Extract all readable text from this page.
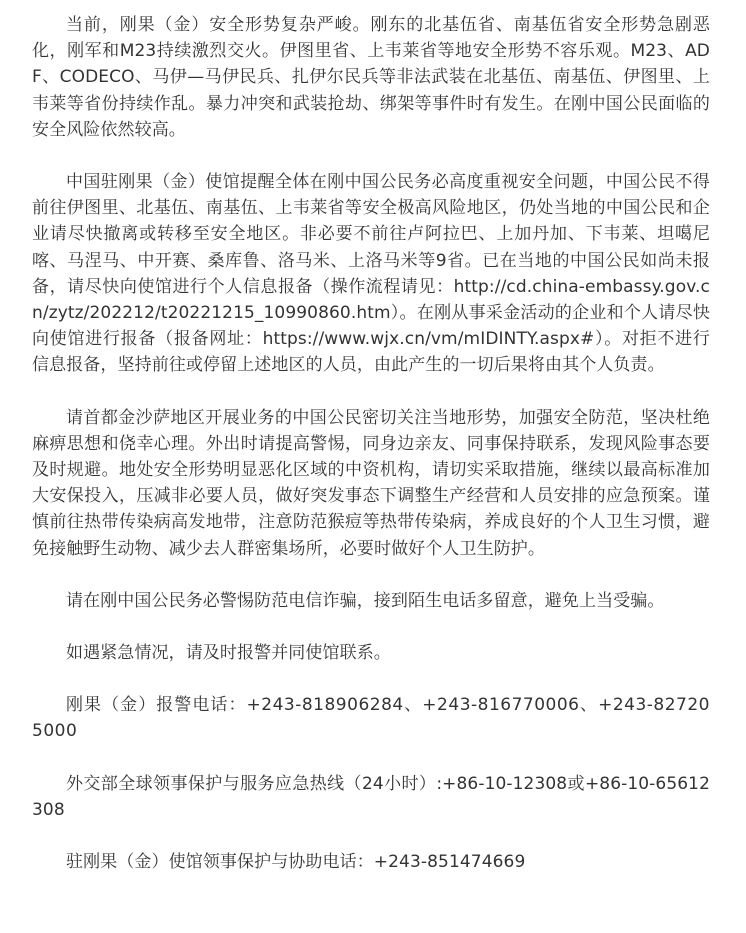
当前，刚果（金）安全形势复杂严峻。刚东的北基伍省、南基伍省安全形势急剧恶化，刚军和M23持续激烈交火。伊图里省、上韦莱省等地安全形势不容乐观。M23、ADF、CODECO、马伊—马伊民兵、扎伊尔民兵等非法武装在北基伍、南基伍、伊图里、上韦莱等省份持续作乱。暴力冲突和武装抢劫、绑架等事件时有发生。在刚中国公民面临的安全风险依然较高。

中国驻刚果（金）使馆提醒全体在刚中国公民务必高度重视安全问题，中国公民不得前往伊图里、北基伍、南基伍、上韦莱省等安全极高风险地区，仍处当地的中国公民和企业请尽快撤离或转移至安全地区。非必要不前往卢阿拉巴、上加丹加、下韦莱、坦噶尼喀、马涅马、中开赛、桑库鲁、洛马米、上洛马米等9省。已在当地的中国公民如尚未报备，请尽快向使馆进行个人信息报备（操作流程请见：http://cd.china-embassy.gov.cn/zytz/202212/t20221215_10990860.htm）。在刚从事采金活动的企业和个人请尽快向使馆进行报备（报备网址：https://www.wjx.cn/vm/mIDINTY.aspx#）。对拒不进行信息报备，坚持前往或停留上述地区的人员，由此产生的一切后果将由其个人负责。

请首都金沙萨地区开展业务的中国公民密切关注当地形势，加强安全防范，坚决杜绝麻痹思想和侥幸心理。外出时请提高警惕，同身边亲友、同事保持联系，发现风险事态要及时规避。地处安全形势明显恶化区域的中资机构，请切实采取措施，继续以最高标准加大安保投入，压减非必要人员，做好突发事态下调整生产经营和人员安排的应急预案。谨慎前往热带传染病高发地带，注意防范猴痘等热带传染病，养成良好的个人卫生习惯，避免接触野生动物、减少去人群密集场所，必要时做好个人卫生防护。

请在刚中国公民务必警惕防范电信诈骗，接到陌生电话多留意，避免上当受骗。

如遇紧急情况，请及时报警并同使馆联系。

刚果（金）报警电话：+243-818906284、+243-816770006、+243-827205000

外交部全球领事保护与服务应急热线（24小时）:+86-10-12308或+86-10-65612308

驻刚果（金）使馆领事保护与协助电话：+243-851474669
